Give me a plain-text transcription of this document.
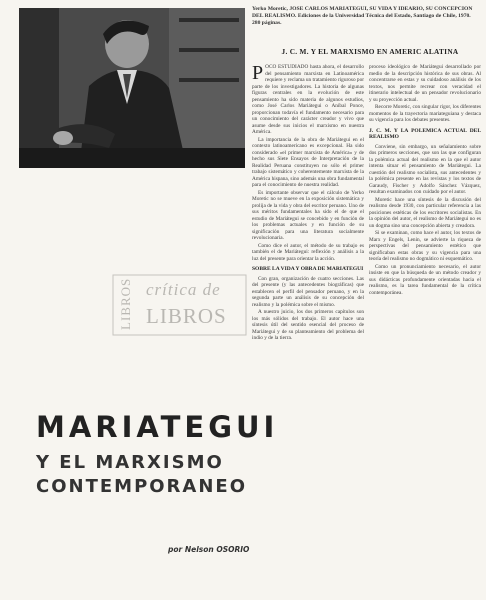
Yerko Moretic, JOSE CARLOS MARIATEGUI, SU VIDA Y IDEARIO, SU CONCEPCION DEL REALISMO. Ediciones de la Universidad Técnica del Estado, Santiago de Chile, 1970. 280 páginas.
J. C. M. Y EL MARXISMO EN AMERIC ALATINA

POCO ESTUDIADO hasta ahora, el desarrollo del pensamiento marxista en Latinoamérica requiere y reclama un tratamiento riguroso por parte de los investigadores. La historia de algunas figuras centrales en la evolución de este pensamiento ha sido materia de algunos estudios, como José Carlos Mariátegui o Aníbal Ponce, proporcionan todavía el fundamento necesario para un conocimiento del carácter creador y vivo que asume desde sus inicios el marxismo en nuestra América.

La importancia de la obra de Mariátegui en el contexto latinoamericano es excepcional. Ha sido considerado «el primer marxista de América» y de hecho sus Siete Ensayos de Interpretación de la Realidad Peruana constituyen no sólo el primer trabajo sistemático y coherentemente marxista de la América hispana, sino además una obra fundamental para el conocimiento de nuestra realidad.

Es importante observar que el cálculo de Yerko Moretic no se mueve en la exposición sistemática y prolija de la vida y obra del escritor peruano. Uno de sus méritos fundamentales ha sido el de que el estudio de Mariátegui se concebido y en función de los problemas actuales y en función de su significación para una literatura socialmente revolucionaria.

Como dice el autor, el método de su trabajo es también el de Mariátegui: reflexión y análisis a la luz del presente para orientar la acción.

SOBRE LA VIDA Y OBRA DE MARIATEGUI

Con gran, organización de cuatro secciones. Las del presente (y las antecedentes biográficas) que establecen el perfil del pensador peruano, y en la segunda parte un análisis de su concepción del realismo y la polémica sobre el mismo.

A nuestro juicio, los dos primeros capítulos son los más sólidos del trabajo. El autor hace una síntesis útil del sentido esencial del proceso de Mariátegui y de su planteamiento del problema del indio y de la tierra.

proceso ideológico de Mariátegui desarrollado por medio de la descripción histórica de sus obras. Al concentrarse en estas y su cuidadoso análisis de los textos, nos permite recrear con veracidad el itinerario intelectual de un pensador revolucionario y su proyección actual.

Recorre Moretic, con singular rigor, los diferentes momentos de la trayectoria mariateguiana y destaca su vigencia para los debates presentes.

J. C. M. Y LA POLEMICA ACTUAL DEL REALISMO

Conviene, sin embargo, un señalamiento sobre dos primeros secciones, que son las que configuran la polémica actual del realismo en la que el autor intenta situar el pensamiento de Mariátegui. La cuestión del realismo socialista, sus antecedentes y la polémica presente en las revistas y los textos de Garaudy, Fischer y Adolfo Sánchez Vázquez, resultan examinados con cuidado por el autor.

Moretic hace una síntesis de la discusión del realismo desde 1930, con particular referencia a las posiciones estéticas de los escritores socialistas. En la opinión del autor, el realismo de Mariátegui no es un dogma sino una concepción abierta y creadora.

Si se examinan, como hace el autor, los textos de Marx y Engels, Lenin, se advierte la riqueza de perspectivas del pensamiento estético que significaban estas obras y su vigencia para una teoría del realismo no dogmático ni esquemático.

Como un pronunciamiento necesario, el autor insiste en que la búsqueda de un método creador y sus didácticas profundamente orientadas hacia el realismo, es la tarea fundamental de la crítica contemporánea.

LIBROS crítica de
LIBROS
MARIATEGUI
Y EL MARXISMO
CONTEMPORANEO
por Nelson OSORIO
